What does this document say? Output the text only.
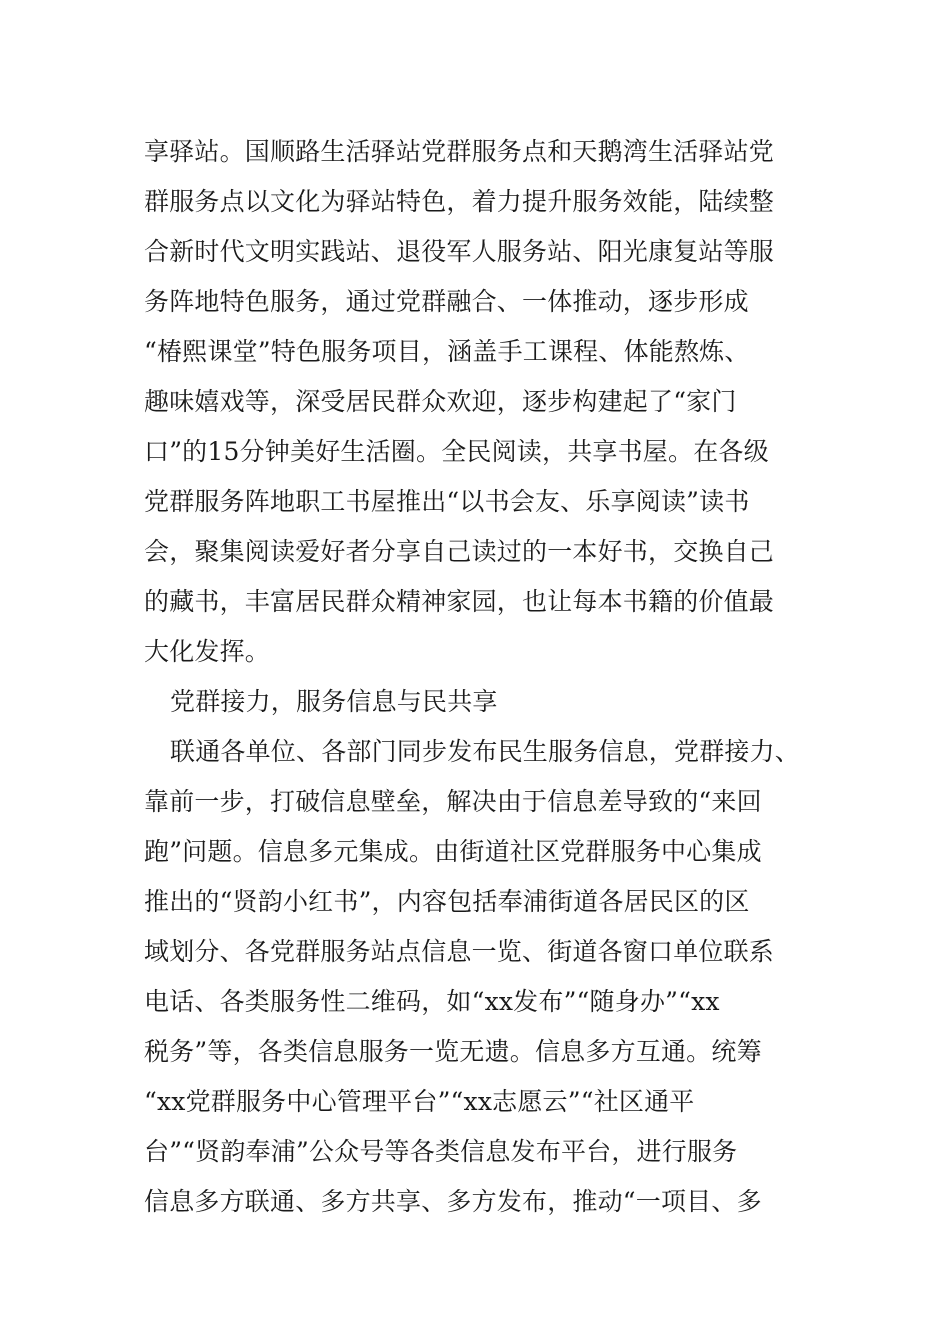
享驿站。国顺路生活驿站党群服务点和天鹅湾生活驿站党
群服务点以文化为驿站特色，着力提升服务效能，陆续整
合新时代文明实践站、退役军人服务站、阳光康复站等服
务阵地特色服务，通过党群融合、一体推动，逐步形成
“椿熙课堂”特色服务项目，涵盖手工课程、体能熬炼、
趣味嬉戏等，深受居民群众欢迎，逐步构建起了“家门
口”的15分钟美好生活圈。全民阅读，共享书屋。在各级
党群服务阵地职工书屋推出“以书会友、乐享阅读”读书
会，聚集阅读爱好者分享自己读过的一本好书，交换自己
的藏书，丰富居民群众精神家园，也让每本书籍的价值最
大化发挥。
党群接力，服务信息与民共享
联通各单位、各部门同步发布民生服务信息，党群接力、
靠前一步，打破信息壁垒，解决由于信息差导致的“来回
跑”问题。信息多元集成。由街道社区党群服务中心集成
推出的“贤韵小红书”，内容包括奉浦街道各居民区的区
域划分、各党群服务站点信息一览、街道各窗口单位联系
电话、各类服务性二维码，如“xx发布”“随身办”“xx
税务”等，各类信息服务一览无遗。信息多方互通。统筹
“xx党群服务中心管理平台”“xx志愿云”“社区通平
台”“贤韵奉浦”公众号等各类信息发布平台，进行服务
信息多方联通、多方共享、多方发布，推动“一项目、多
